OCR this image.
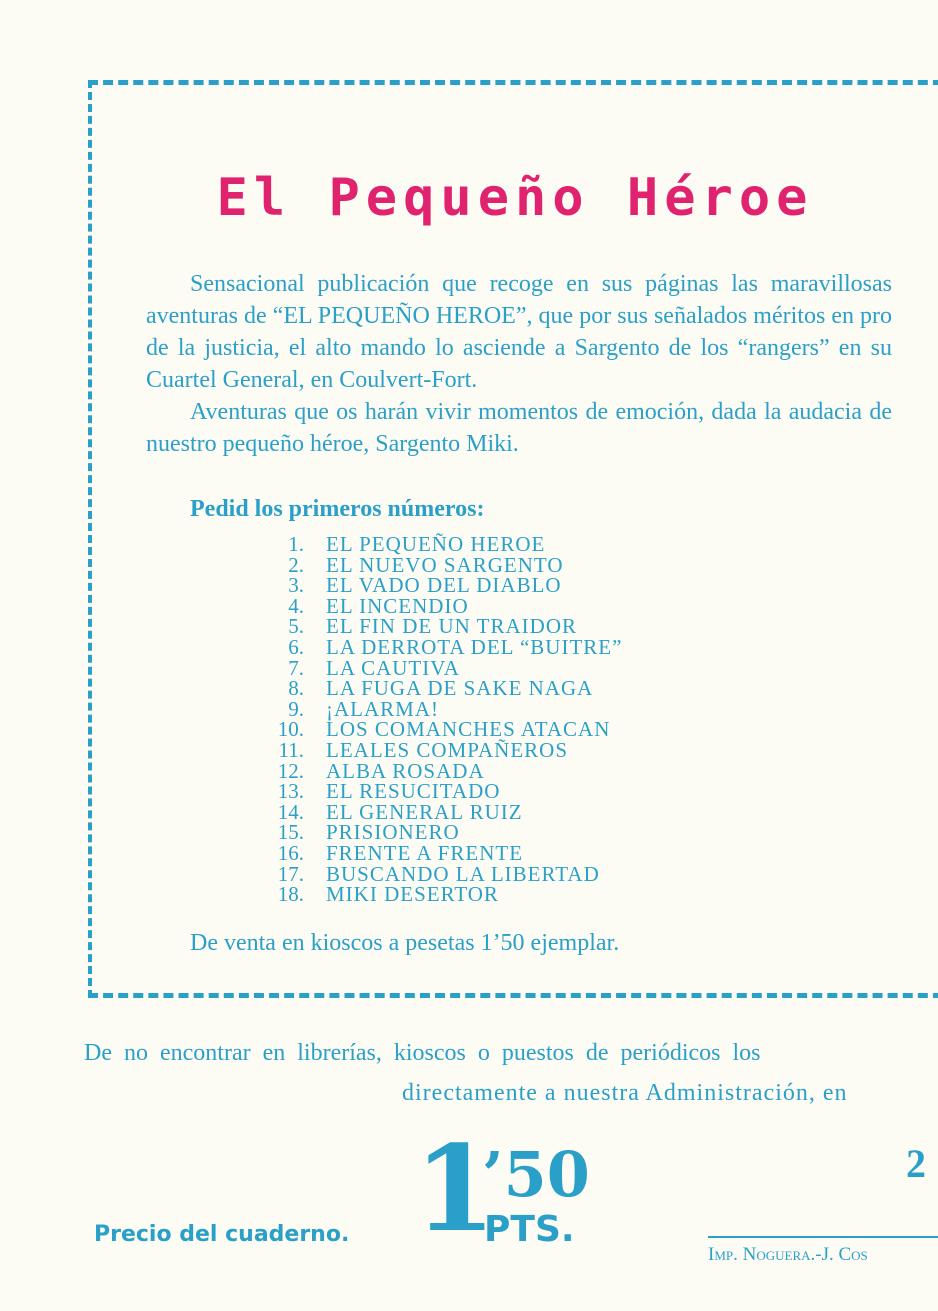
El Pequeño Héroe

Sensacional publicación que recoge en sus páginas las maravillosas aventuras de “EL PEQUEÑO HEROE”, que por sus señalados méritos en pro de la justicia, el alto mando lo asciende a Sargento de los “rangers” en su Cuartel General, en Coulvert-Fort.

Aventuras que os harán vivir momentos de emoción, dada la audacia de nuestro pequeño héroe, Sargento Miki.

Pedid los primeros números:

1. EL PEQUEÑO HEROE
2. EL NUEVO SARGENTO
3. EL VADO DEL DIABLO
4. EL INCENDIO
5. EL FIN DE UN TRAIDOR
6. LA DERROTA DEL “BUITRE”
7. LA CAUTIVA
8. LA FUGA DE SAKE NAGA
9. ¡ALARMA!
10. LOS COMANCHES ATACAN
11. LEALES COMPAÑEROS
12. ALBA ROSADA
13. EL RESUCITADO
14. EL GENERAL RUIZ
15. PRISIONERO
16. FRENTE A FRENTE
17. BUSCANDO LA LIBERTAD
18. MIKI DESERTOR

De venta en kioscos a pesetas 1’50 ejemplar.

De no encontrar en librerías, kioscos o puestos de periódicos los

directamente a nuestra Administración, en

Precio del cuaderno. 1
’50
PTS.
2

Imp. Noguera.-J. Cos
